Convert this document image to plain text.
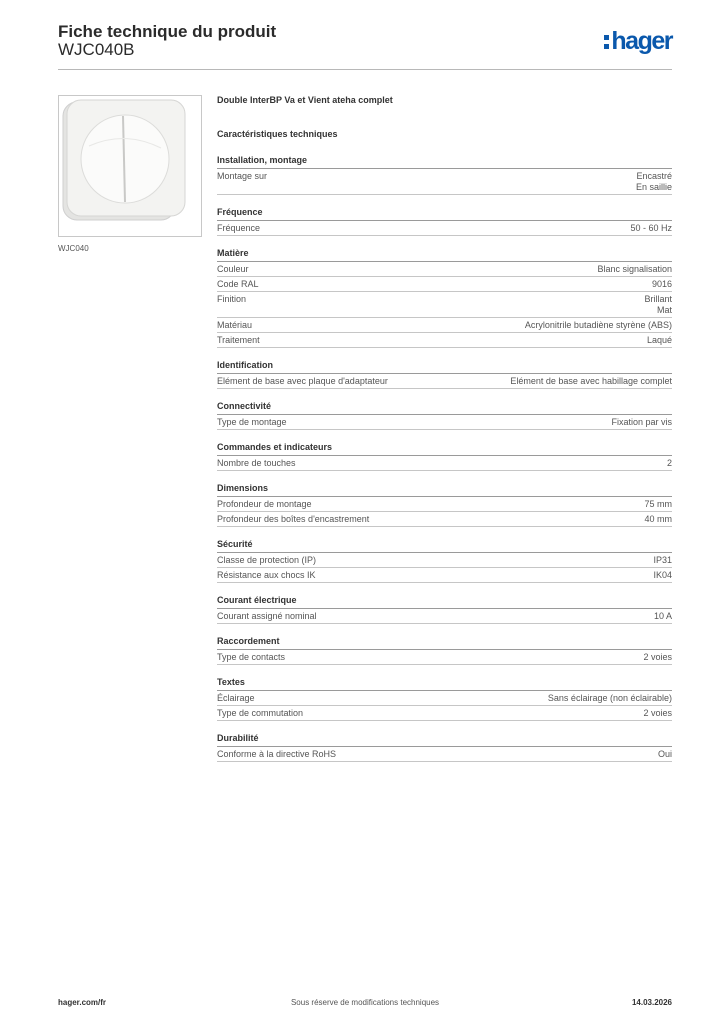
Fiche technique du produit
WJC040B	hager
WJC040
Double InterBP Va et Vient ateha complet
Caractéristiques techniques
Installation, montage
Montage sur	Encastré
En saillie
Fréquence
Fréquence	50 - 60 Hz
Matière
Couleur	Blanc signalisation
Code RAL	9016
Finition	Brillant
Mat
Matériau	Acrylonitrile butadiène styrène (ABS)
Traitement	Laqué
Identification
Elément de base avec plaque d'adaptateur	Elément de base avec habillage complet
Connectivité
Type de montage	Fixation par vis
Commandes et indicateurs
Nombre de touches	2
Dimensions
Profondeur de montage	75 mm
Profondeur des boîtes d'encastrement	40 mm
Sécurité
Classe de protection (IP)	IP31
Résistance aux chocs IK	IK04
Courant électrique
Courant assigné nominal	10 A
Raccordement
Type de contacts	2 voies
Textes
Éclairage	Sans éclairage (non éclairable)
Type de commutation	2 voies
Durabilité
Conforme à la directive RoHS	Oui
hager.com/fr	Sous réserve de modifications techniques	14.03.2026
